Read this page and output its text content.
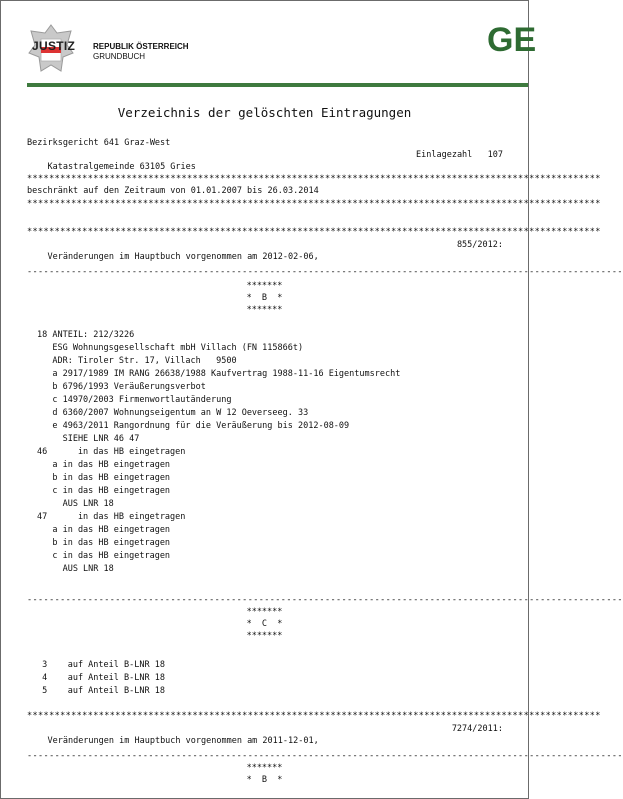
JUSTIZ REPUBLIK ÖSTERREICH
GRUNDBUCH	GE
Verzeichnis der gelöschten Eintragungen
Bezirksgericht 641 Graz-West

Katastralgemeinde 63105 Gries

Einlagezahl   107

*****
beschränkt auf den Zeitraum von 01.01.2007 bis 26.03.2014
*****
*****

Veränderungen im Hauptbuch vorgenommen am 2012-02-06,

855/2012:

-----
*******
*  B  *
*******
18 ANTEIL: 212/3226
ESG Wohnungsgesellschaft mbH Villach (FN 115866t)
ADR: Tiroler Str. 17, Villach   9500
a 2917/1989 IM RANG 26638/1988 Kaufvertrag 1988-11-16 Eigentumsrecht
b 6796/1993 Veräußerungsverbot
c 14970/2003 Firmenwortlautänderung
d 6360/2007 Wohnungseigentum an W 12 Oeverseeg. 33
e 4963/2011 Rangordnung für die Veräußerung bis 2012-08-09
SIEHE LNR 46 47
46      in das HB eingetragen
a in das HB eingetragen
b in das HB eingetragen
c in das HB eingetragen
AUS LNR 18
47      in das HB eingetragen
a in das HB eingetragen
b in das HB eingetragen
c in das HB eingetragen
AUS LNR 18
-----
*******
*  C  *
*******
3    auf Anteil B-LNR 18
4    auf Anteil B-LNR 18
5    auf Anteil B-LNR 18
*****

Veränderungen im Hauptbuch vorgenommen am 2011-12-01,

7274/2011:

-----
*******
*  B  *
